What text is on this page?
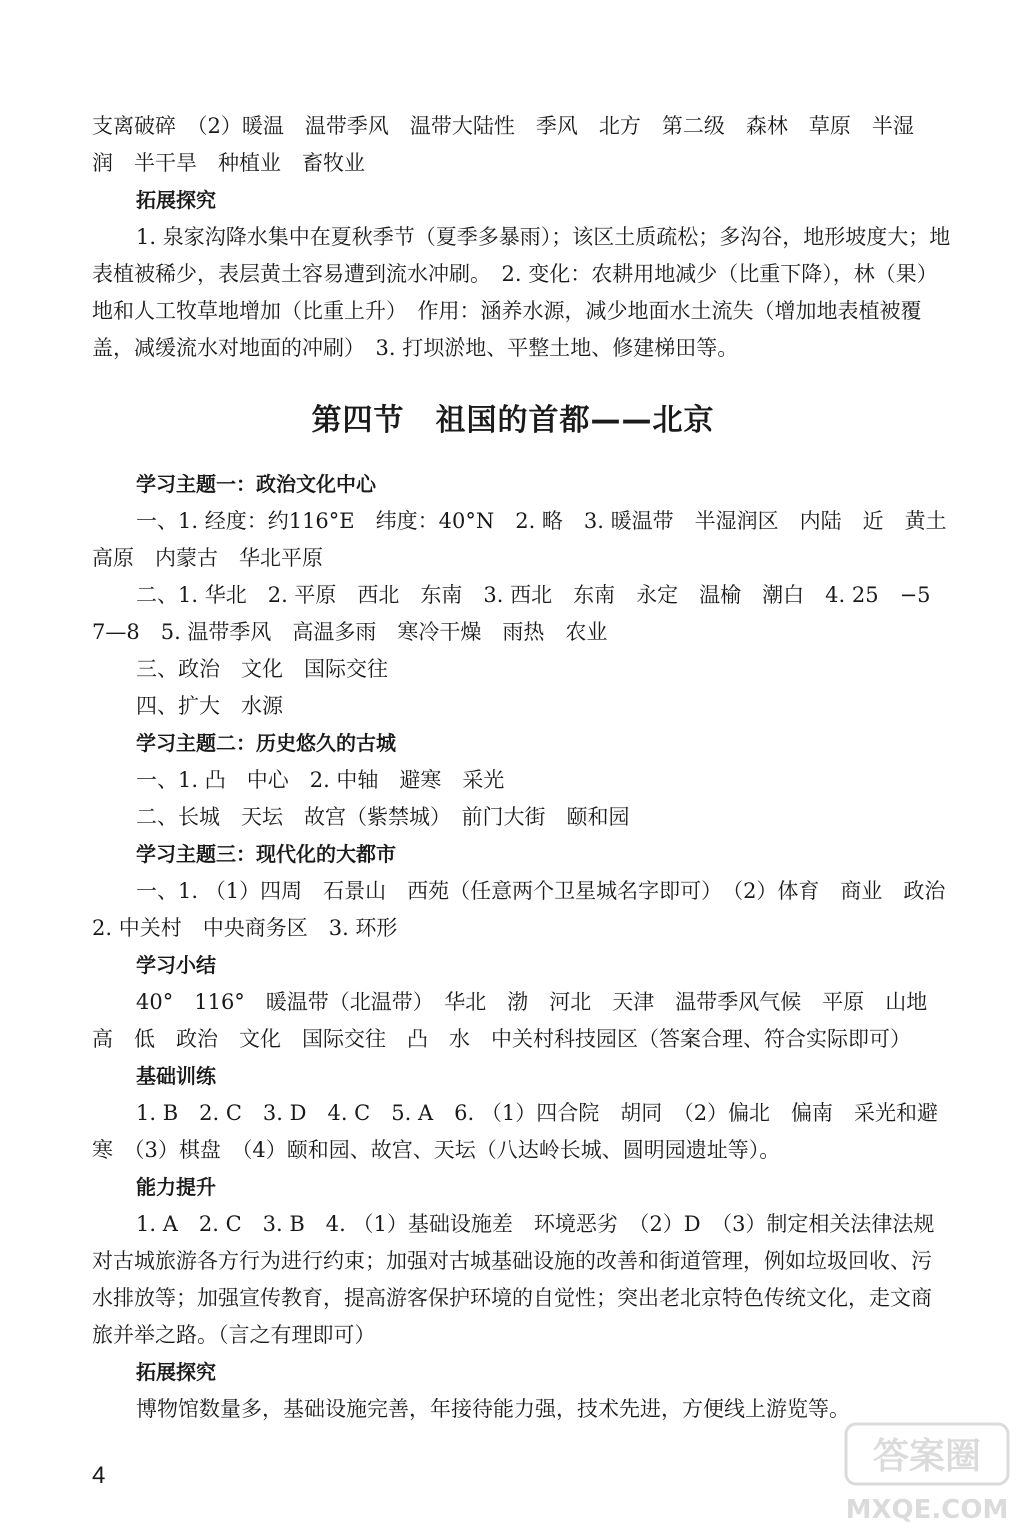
支离破碎　（2）暖温　温带季风　温带大陆性　季风　北方　第二级　森林　草原　半湿

润　半干旱　种植业　畜牧业

拓展探究

1. 泉家沟降水集中在夏秋季节（夏季多暴雨）；该区土质疏松；多沟谷，地形坡度大；地表植被稀少，表层黄土容易遭到流水冲刷。　2. 变化：农耕用地减少（比重下降），林（果）地和人工牧草地增加（比重上升）　作用：涵养水源，减少地面水土流失（增加地表植被覆盖，减缓流水对地面的冲刷）　3. 打坝淤地、平整土地、修建梯田等。

第四节　祖国的首都——北京

学习主题一：政治文化中心

一、1. 经度：约116°E　纬度：40°N　2. 略　3. 暖温带　半湿润区　内陆　近　黄土高原　内蒙古　华北平原

二、1. 华北　2. 平原　西北　东南　3. 西北　东南　永定　温榆　潮白　4. 25　−5　7—8　5. 温带季风　高温多雨　寒冷干燥　雨热　农业

三、政治　文化　国际交往

四、扩大　水源

学习主题二：历史悠久的古城

一、1. 凸　中心　2. 中轴　避寒　采光

二、长城　天坛　故宫（紫禁城）　前门大街　颐和园

学习主题三：现代化的大都市

一、1. （1）四周　石景山　西苑（任意两个卫星城名字即可）　（2）体育　商业　政治　2. 中关村　中央商务区　3. 环形

学习小结

40°　116°　暖温带（北温带）　华北　渤　河北　天津　温带季风气候　平原　山地　高　低　政治　文化　国际交往　凸　水　中关村科技园区（答案合理、符合实际即可）

基础训练

1. B　2. C　3. D　4. C　5. A　6. （1）四合院　胡同　（2）偏北　偏南　采光和避寒　（3）棋盘　（4）颐和园、故宫、天坛（八达岭长城、圆明园遗址等）。

能力提升

1. A　2. C　3. B　4. （1）基础设施差　环境恶劣　（2）D　（3）制定相关法律法规对古城旅游各方行为进行约束；加强对古城基础设施的改善和街道管理，例如垃圾回收、污水排放等；加强宣传教育，提高游客保护环境的自觉性；突出老北京特色传统文化，走文商旅并举之路。（言之有理即可）

拓展探究

博物馆数量多，基础设施完善，年接待能力强，技术先进，方便线上游览等。

4	答案圈
MXQE.COM
